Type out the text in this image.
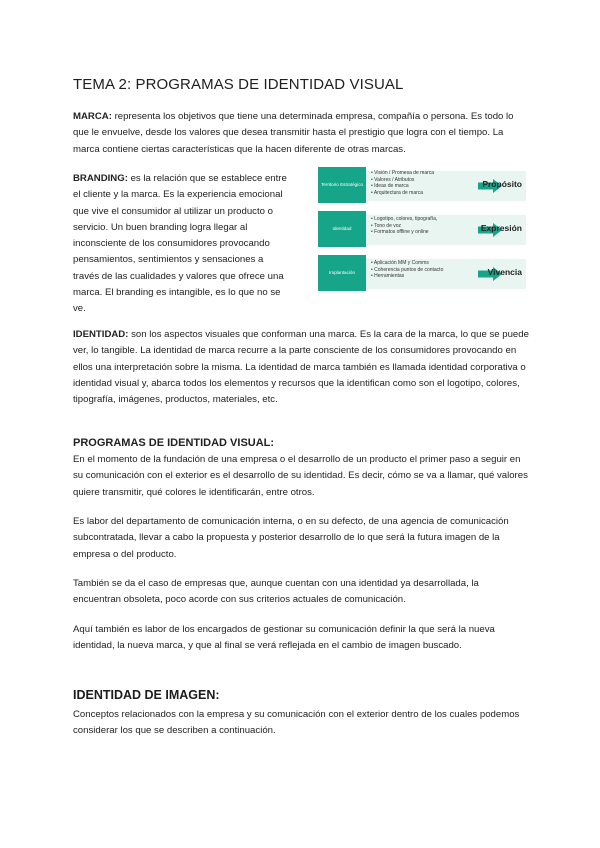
TEMA 2: PROGRAMAS DE IDENTIDAD VISUAL
MARCA: representa los objetivos que tiene una determinada empresa, compañía o persona. Es todo lo que le envuelve, desde los valores que desea transmitir hasta el prestigio que logra con el tiempo. La marca contiene ciertas características que la hacen diferente de otras marcas.
BRANDING: es la relación que se establece entre el cliente y la marca. Es la experiencia emocional que vive el consumidor al utilizar un producto o servicio. Un buen branding logra llegar al inconsciente de los consumidores provocando pensamientos, sentimientos y sensaciones a través de las cualidades y valores que ofrece una marca. El branding es intangible, es lo que no se ve.
Territorio Estratégico
• Visión / Promesa de marca
• Valores / Atributos
• Ideas de marca
• Arquitectura de marca
Propósito
Identidad
• Logotipo, colores, tipografía,
• Tono de voz
• Formatos offline y online	Expresión
Implantación
• Aplicación MM y Comms
• Coherencia puntos de contacto
• Herramientas	Vivencia
IDENTIDAD: son los aspectos visuales que conforman una marca. Es la cara de la marca, lo que se puede ver, lo tangible. La identidad de marca recurre a la parte consciente de los consumidores provocando en ellos una interpretación sobre la misma. La identidad de marca también es llamada identidad corporativa o identidad visual y, abarca todos los elementos y recursos que la identifican como son el logotipo, colores, tipografía, imágenes, productos, materiales, etc.
PROGRAMAS DE IDENTIDAD VISUAL:
En el momento de la fundación de una empresa o el desarrollo de un producto el primer paso a seguir en su comunicación con el exterior es el desarrollo de su identidad. Es decir, cómo se va a llamar, qué valores quiere transmitir, qué colores le identificarán, entre otros.
Es labor del departamento de comunicación interna, o en su defecto, de una agencia de comunicación subcontratada, llevar a cabo la propuesta y posterior desarrollo de lo que será la futura imagen de la empresa o del producto.
También se da el caso de empresas que, aunque cuentan con una identidad ya desarrollada, la encuentran obsoleta, poco acorde con sus criterios actuales de comunicación.
Aquí también es labor de los encargados de gestionar su comunicación definir la que será la nueva identidad, la nueva marca, y que al final se verá reflejada en el cambio de imagen buscado.
IDENTIDAD DE IMAGEN:
Conceptos relacionados con la empresa y su comunicación con el exterior dentro de los cuales podemos considerar los que se describen a continuación.
